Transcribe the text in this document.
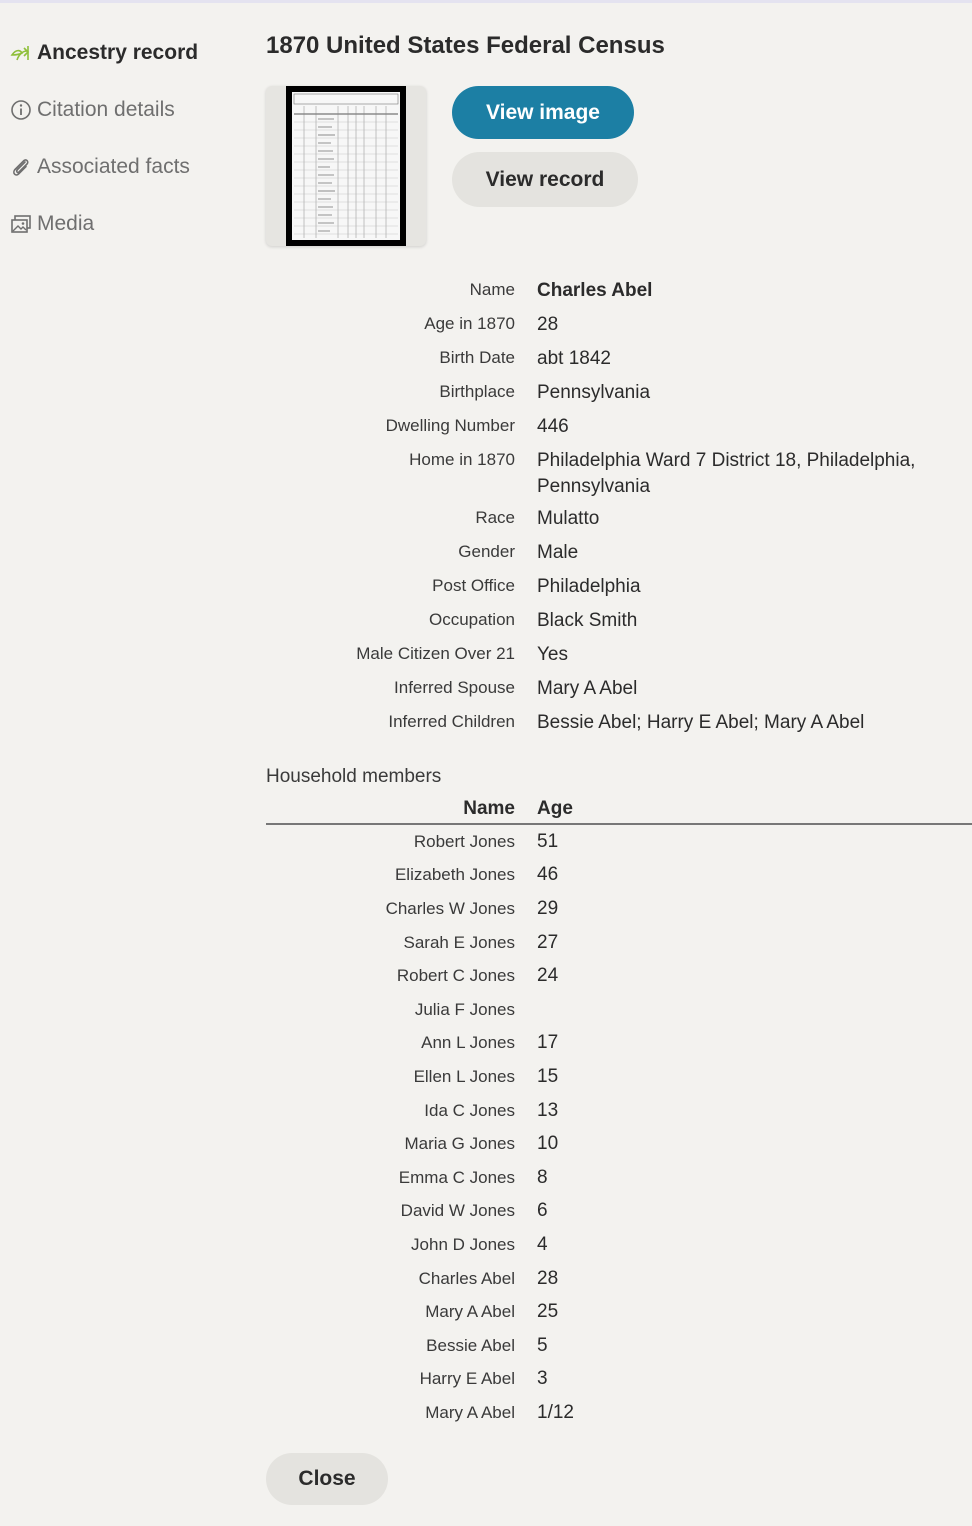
Ancestry record
Citation details
Associated facts
Media
1870 United States Federal Census
View image
View record
Name	Charles Abel
Age in 1870	28
Birth Date	abt 1842
Birthplace	Pennsylvania
Dwelling Number	446
Home in 1870	Philadelphia Ward 7 District 18, Philadelphia, Pennsylvania
Race	Mulatto
Gender	Male
Post Office	Philadelphia
Occupation	Black Smith
Male Citizen Over 21	Yes
Inferred Spouse	Mary A Abel
Inferred Children	Bessie Abel; Harry E Abel; Mary A Abel
Household members
Name	Age
Robert Jones	51
Elizabeth Jones	46
Charles W Jones	29
Sarah E Jones	27
Robert C Jones	24
Julia F Jones
Ann L Jones	17
Ellen L Jones	15
Ida C Jones	13
Maria G Jones	10
Emma C Jones	8
David W Jones	6
John D Jones	4
Charles Abel	28
Mary A Abel	25
Bessie Abel	5
Harry E Abel	3
Mary A Abel	1/12
Close
